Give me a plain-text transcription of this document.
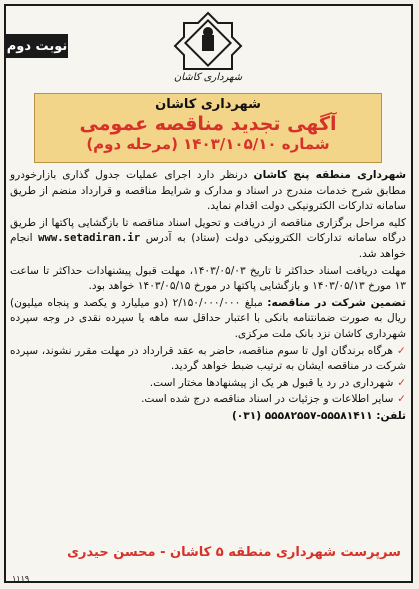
نوبت دوم
شهرداری کاشان
شهرداری کاشان
آگهی تجدید مناقصه عمومی
شماره ۱۴۰۳/۱۰۵/۱۰ (مرحله دوم)

شهرداری منطقه پنج کاشان درنظر دارد اجرای عملیات جدول گذاری بازارخودرو مطابق شرح خدمات مندرج در اسناد و مدارک و شرایط مناقصه و قرارداد منضم از طریق سامانه تدارکات الکترونیکی دولت اقدام نماید.

کلیه مراحل برگزاری مناقصه از دریافت و تحویل اسناد مناقصه تا بازگشایی پاکتها از طریق درگاه سامانه تدارکات الکترونیکی دولت (ستاد) به آدرس www.setadiran.ir انجام خواهد شد.

مهلت دریافت اسناد حداکثر تا تاریخ ۱۴۰۳/۰۵/۰۳، مهلت قبول پیشنهادات حداکثر تا ساعت ۱۳ مورخ ۱۴۰۳/۰۵/۱۳ و بازگشایی پاکتها در مورخ ۱۴۰۳/۰۵/۱۵ خواهد بود.

تضمین شرکت در مناقصه: مبلغ ۲/۱۵۰/۰۰۰/۰۰۰ (دو میلیارد و یکصد و پنجاه میلیون) ریال به صورت ضمانتنامه بانکی با اعتبار حداقل سه ماهه یا سپرده نقدی در وجه سپرده شهرداری کاشان نزد بانک ملت مرکزی.

✓ هرگاه برندگان اول تا سوم مناقصه، حاضر به عقد قرارداد در مهلت مقرر نشوند، سپرده شرکت در مناقصه ایشان به ترتیب ضبط خواهد گردید.

✓ شهرداری در رد یا قبول هر یک از پیشنهادها مختار است.

✓ سایر اطلاعات و جزئیات در اسناد مناقصه درج شده است.

تلفن: ۵۵۵۸۱۴۱۱-۵۵۵۸۲۵۵۷ (۰۳۱)

سرپرست شهرداری منطقه ۵ کاشان - محسن حیدری
۱۱۱۹
